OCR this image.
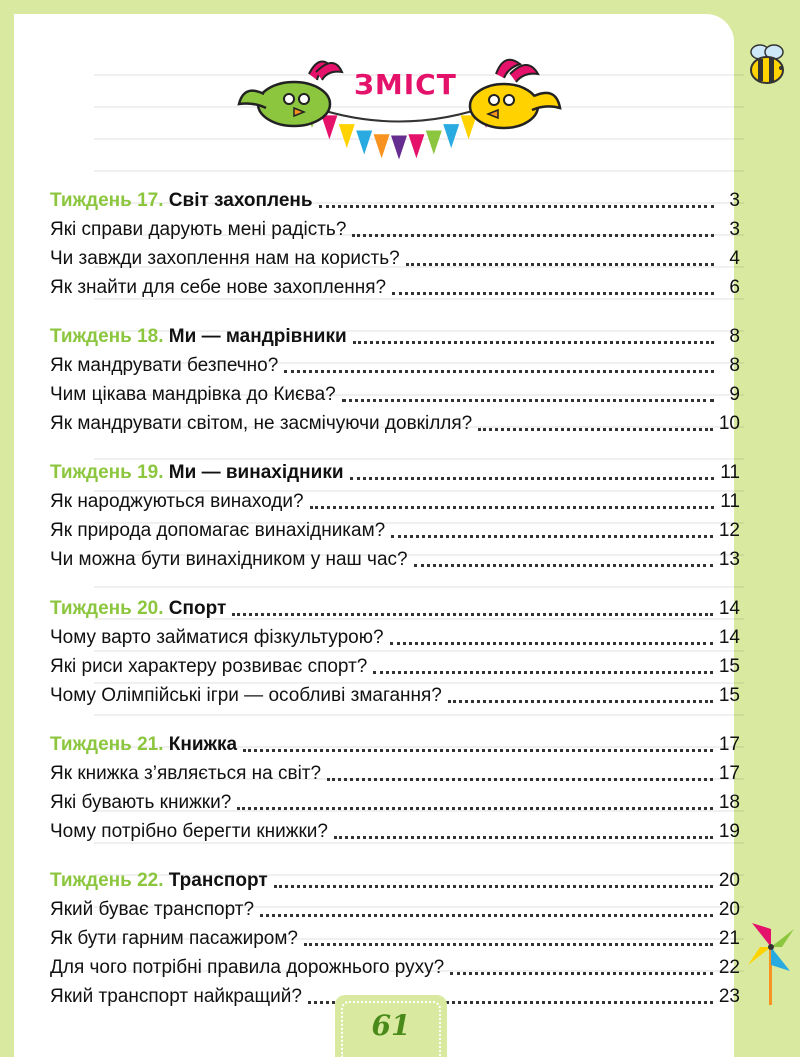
ЗМІСТ
Тиждень 17. Світ захоплень	3
Які справи дарують мені радість?	3
Чи завжди захоплення нам на користь?	4
Як знайти для себе нове захоплення?	6
Тиждень 18. Ми — мандрівники	8
Як мандрувати безпечно?	8
Чим цікава мандрівка до Києва?	9
Як мандрувати світом, не засмічуючи довкілля?	10
Тиждень 19. Ми — винахідники	11
Як народжуються винаходи?	11
Як природа допомагає винахідникам?	12
Чи можна бути винахідником у наш час?	13
Тиждень 20. Спорт	14
Чому варто займатися фізкультурою?	14
Які риси характеру розвиває спорт?	15
Чому Олімпійські ігри — особливі змагання?	15
Тиждень 21. Книжка	17
Як книжка з’являється на світ?	17
Які бувають книжки?	18
Чому потрібно берегти книжки?	19
Тиждень 22. Транспорт	20
Який буває транспорт?	20
Як бути гарним пасажиром?	21
Для чого потрібні правила дорожнього руху?	22
Який транспорт найкращий?	23
61
